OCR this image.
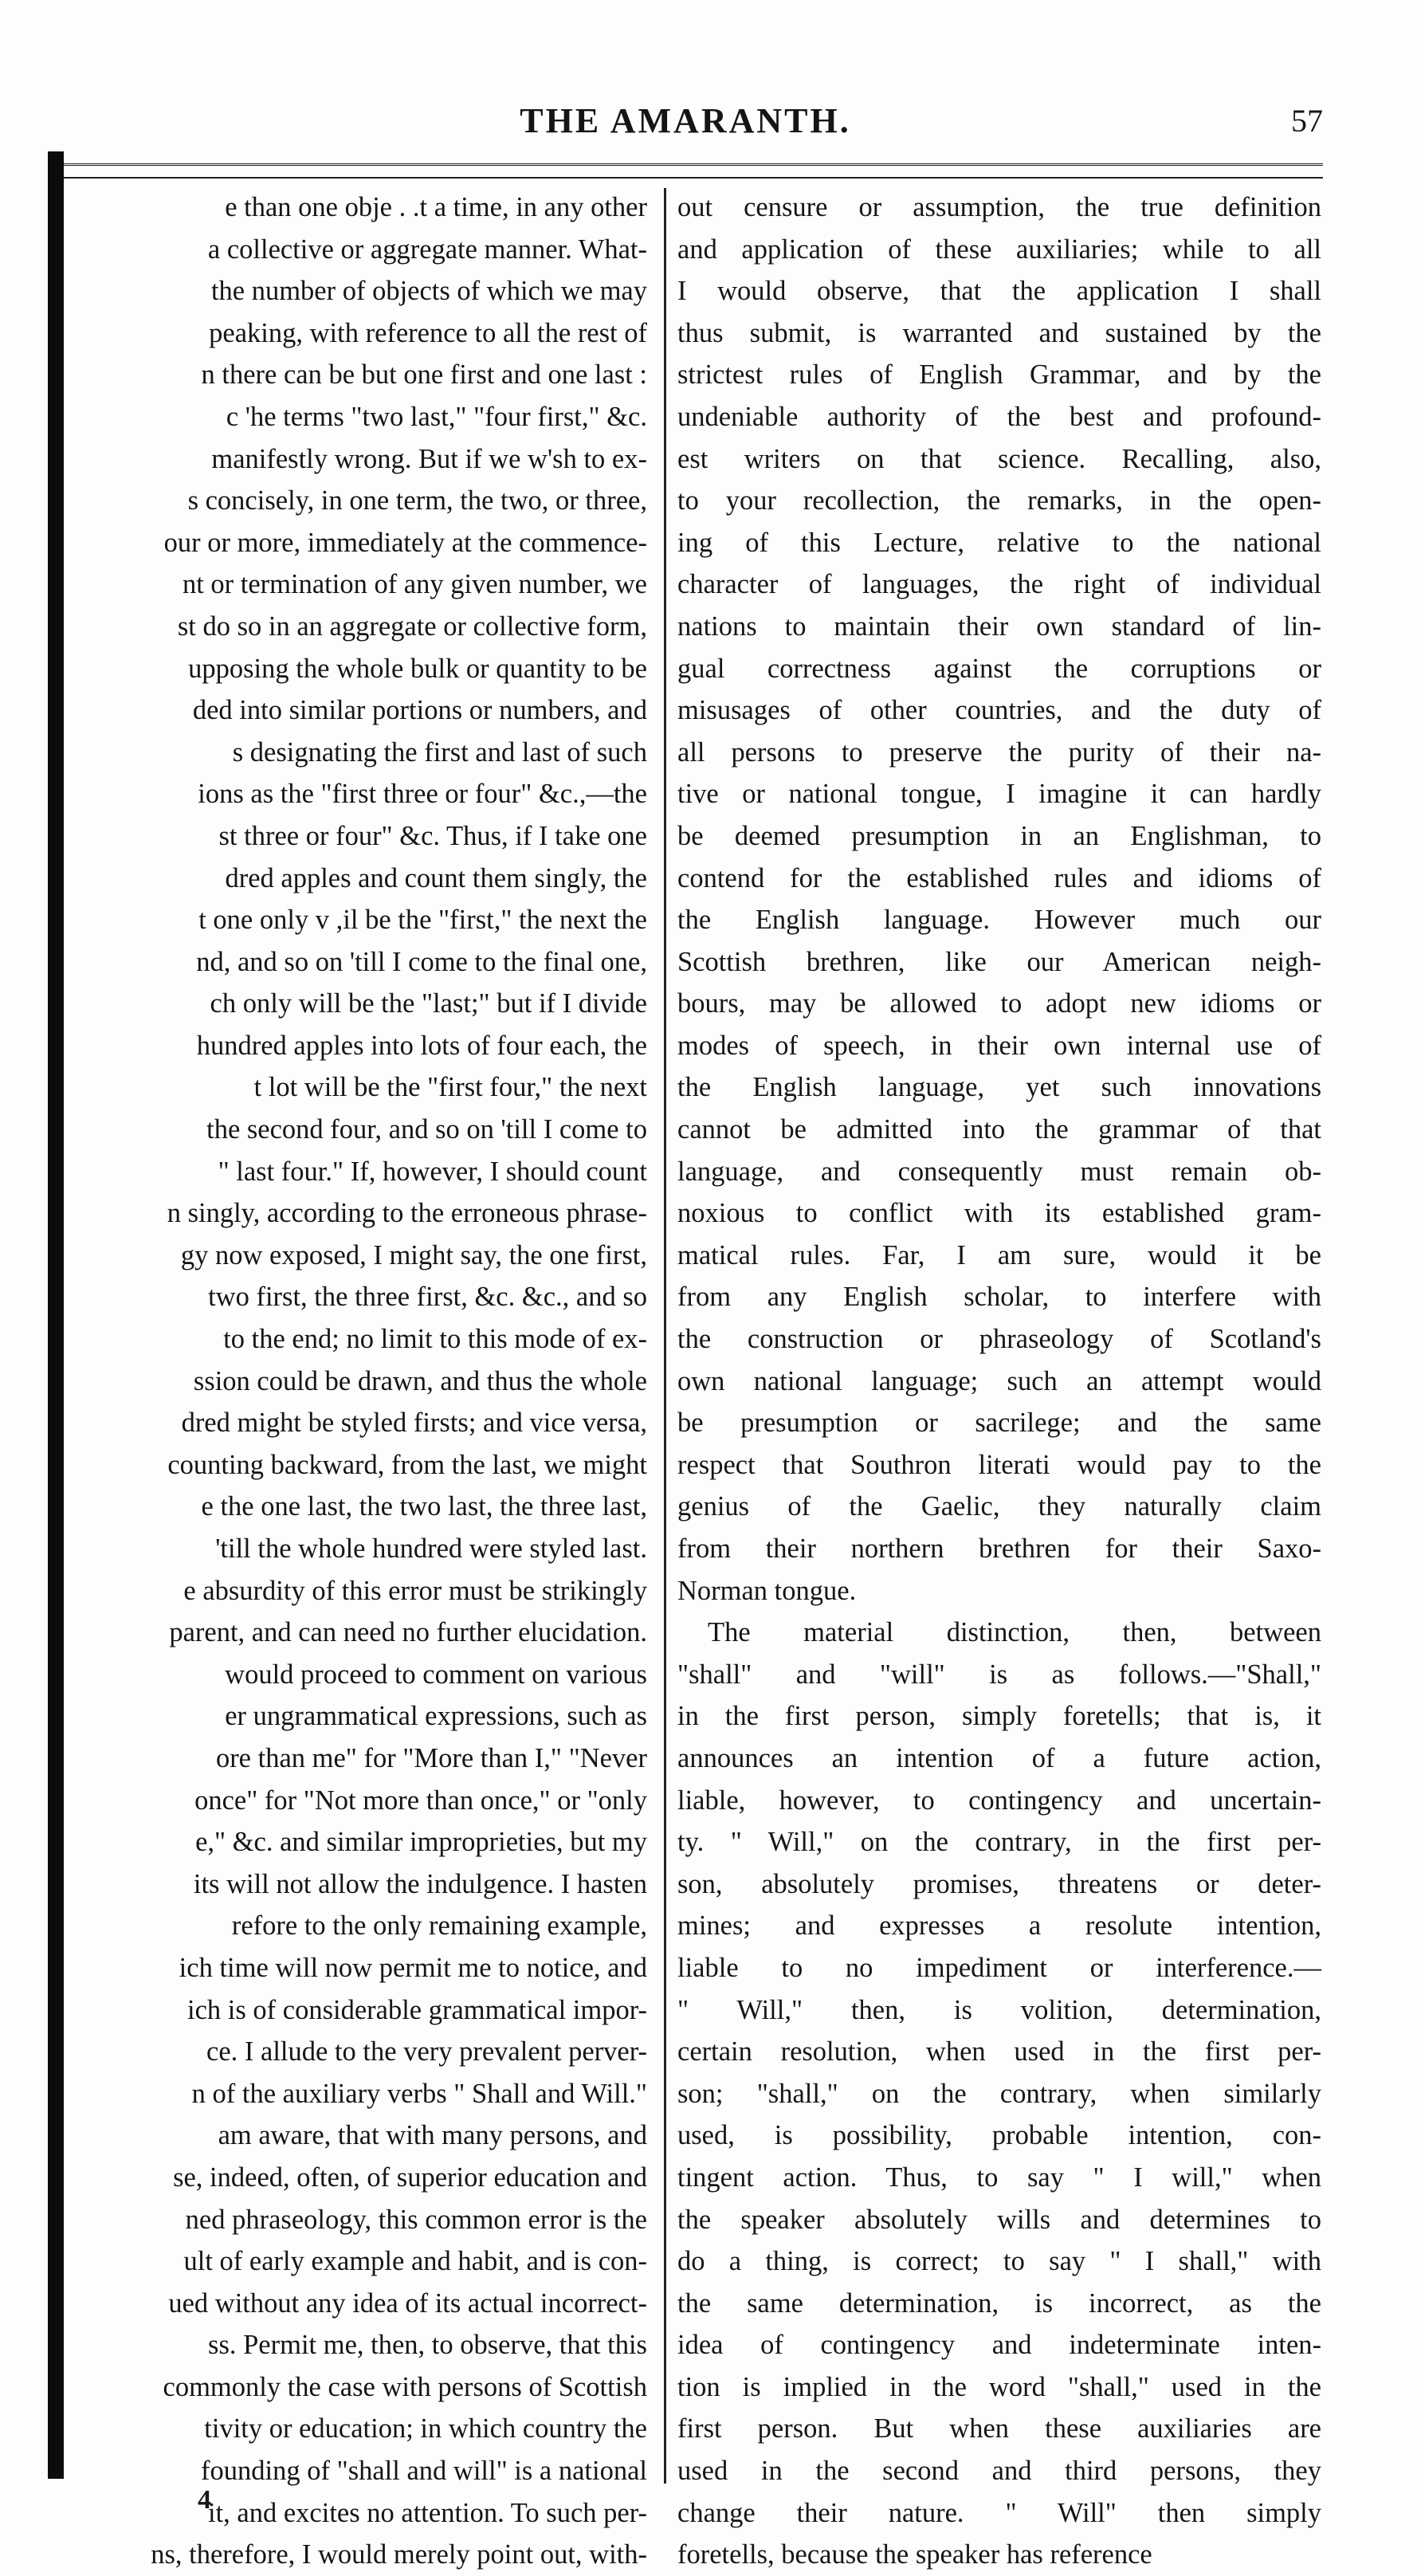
THE AMARANTH.	57
e than one obje . .t a time, in any other
a collective or aggregate manner. What-
the number of objects of which we may
peaking, with reference to all the rest of
n there can be but one first and one last :
c 'he terms "two last," "four first," &c.
manifestly wrong. But if we w'sh to ex-
s concisely, in one term, the two, or three,
our or more, immediately at the commence-
nt or termination of any given number, we
st do so in an aggregate or collective form,
upposing the whole bulk or quantity to be
ded into similar portions or numbers, and
s designating the first and last of such
ions as the "first three or four" &c.,—the
st three or four" &c. Thus, if I take one
dred apples and count them singly, the
t one only v ,il be the "first," the next the
nd, and so on 'till I come to the final one,
ch only will be the "last;" but if I divide
hundred apples into lots of four each, the
t lot will be the "first four," the next
the second four, and so on 'till I come to
" last four." If, however, I should count
n singly, according to the erroneous phrase-
gy now exposed, I might say, the one first,
two first, the three first, &c. &c., and so
to the end; no limit to this mode of ex-
ssion could be drawn, and thus the whole
dred might be styled firsts; and vice versa,
counting backward, from the last, we might
e the one last, the two last, the three last,
'till the whole hundred were styled last.
e absurdity of this error must be strikingly
parent, and can need no further elucidation.
would proceed to comment on various
er ungrammatical expressions, such as
ore than me" for "More than I," "Never
once" for "Not more than once," or "only
e," &c. and similar improprieties, but my
its will not allow the indulgence. I hasten
refore to the only remaining example,
ich time will now permit me to notice, and
ich is of considerable grammatical impor-
ce. I allude to the very prevalent perver-
n of the auxiliary verbs " Shall and Will."
am aware, that with many persons, and
se, indeed, often, of superior education and
ned phraseology, this common error is the
ult of early example and habit, and is con-
ued without any idea of its actual incorrect-
ss. Permit me, then, to observe, that this
commonly the case with persons of Scottish
tivity or education; in which country the
founding of "shall and will" is a national
it, and excites no attention. To such per-
ns, therefore, I would merely point out, with-
out censure or assumption, the true definition
and application of these auxiliaries; while to all
I would observe, that the application I shall
thus submit, is warranted and sustained by the
strictest rules of English Grammar, and by the
undeniable authority of the best and profound-
est writers on that science. Recalling, also,
to your recollection, the remarks, in the open-
ing of this Lecture, relative to the national
character of languages, the right of individual
nations to maintain their own standard of lin-
gual correctness against the corruptions or
misusages of other countries, and the duty of
all persons to preserve the purity of their na-
tive or national tongue, I imagine it can hardly
be deemed presumption in an Englishman, to
contend for the established rules and idioms of
the English language. However much our
Scottish brethren, like our American neigh-
bours, may be allowed to adopt new idioms or
modes of speech, in their own internal use of
the English language, yet such innovations
cannot be admitted into the grammar of that
language, and consequently must remain ob-
noxious to conflict with its established gram-
matical rules. Far, I am sure, would it be
from any English scholar, to interfere with
the construction or phraseology of Scotland's
own national language; such an attempt would
be presumption or sacrilege; and the same
respect that Southron literati would pay to the
genius of the Gaelic, they naturally claim
from their northern brethren for their Saxo-
Norman tongue.
The material distinction, then, between
"shall" and "will" is as follows.—"Shall,"
in the first person, simply foretells; that is, it
announces an intention of a future action,
liable, however, to contingency and uncertain-
ty. " Will," on the contrary, in the first per-
son, absolutely promises, threatens or deter-
mines; and expresses a resolute intention,
liable to no impediment or interference.—
" Will," then, is volition, determination,
certain resolution, when used in the first per-
son; "shall," on the contrary, when similarly
used, is possibility, probable intention, con-
tingent action. Thus, to say " I will," when
the speaker absolutely wills and determines to
do a thing, is correct; to say " I shall," with
the same determination, is incorrect, as the
idea of contingency and indeterminate inten-
tion is implied in the word "shall," used in the
first person. But when these auxiliaries are
used in the second and third persons, they
change their nature. " Will" then simply
foretells, because the speaker has reference
4
